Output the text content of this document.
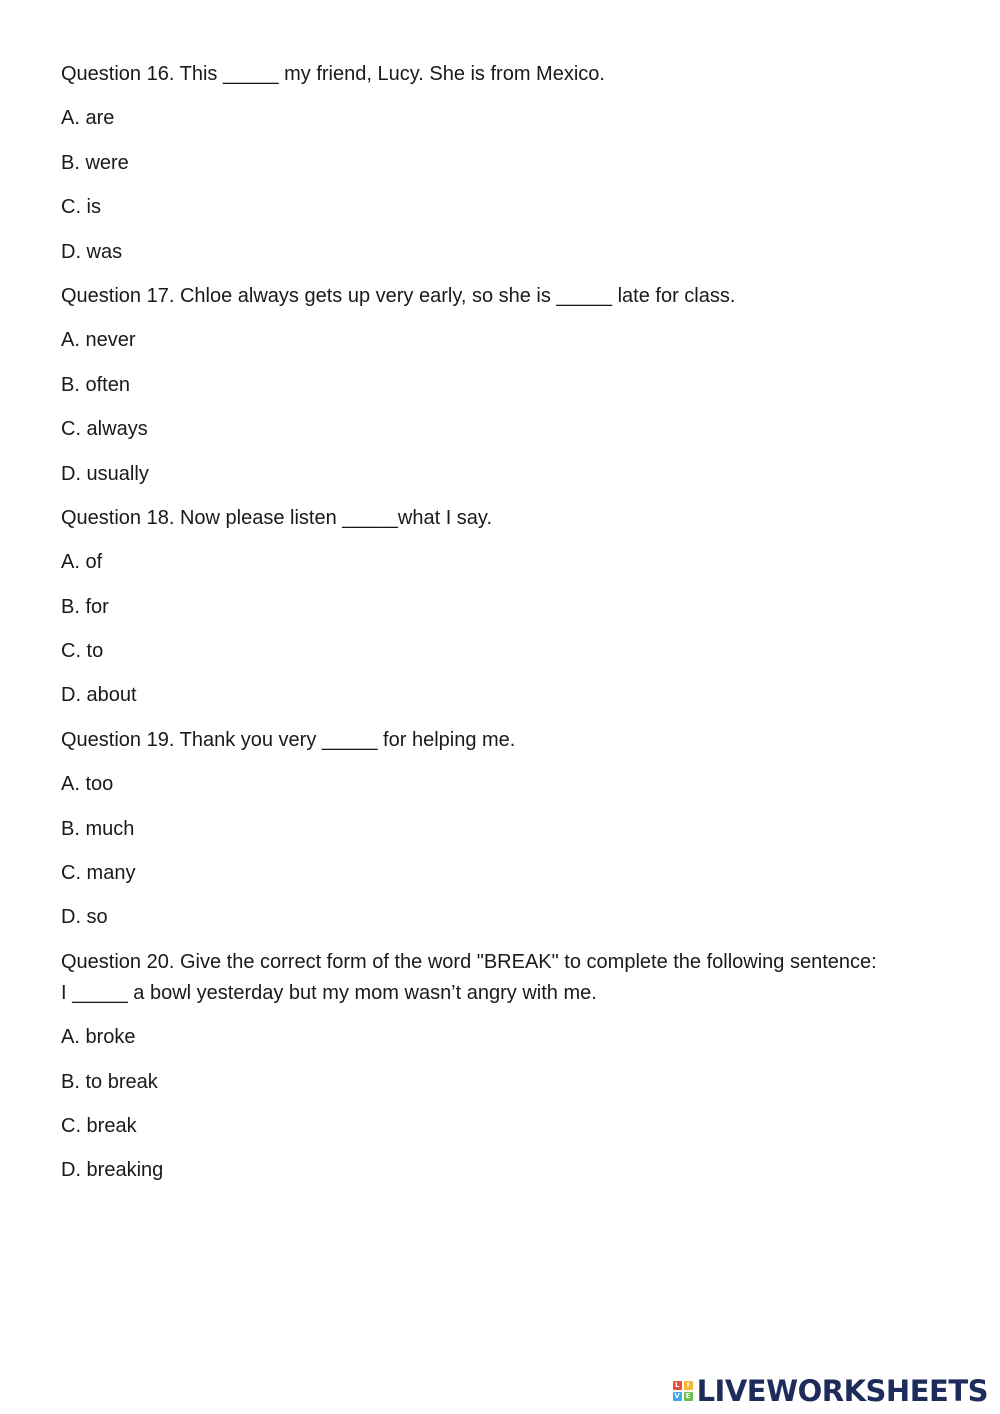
Question 16. This _____ my friend, Lucy. She is from Mexico.
A. are
B. were
C. is
D. was
Question 17. Chloe always gets up very early, so she is _____ late for class.
A. never
B. often
C. always
D. usually
Question 18. Now please listen _____what I say.
A. of
B. for
C. to
D. about
Question 19. Thank you very _____ for helping me.
A. too
B. much
C. many
D. so
Question 20. Give the correct form of the word "BREAK" to complete the following sentence: I _____ a bowl yesterday but my mom wasn’t angry with me.
A. broke
B. to break
C. break
D. breaking
L	I
V E LIVEWORKSHEETS
